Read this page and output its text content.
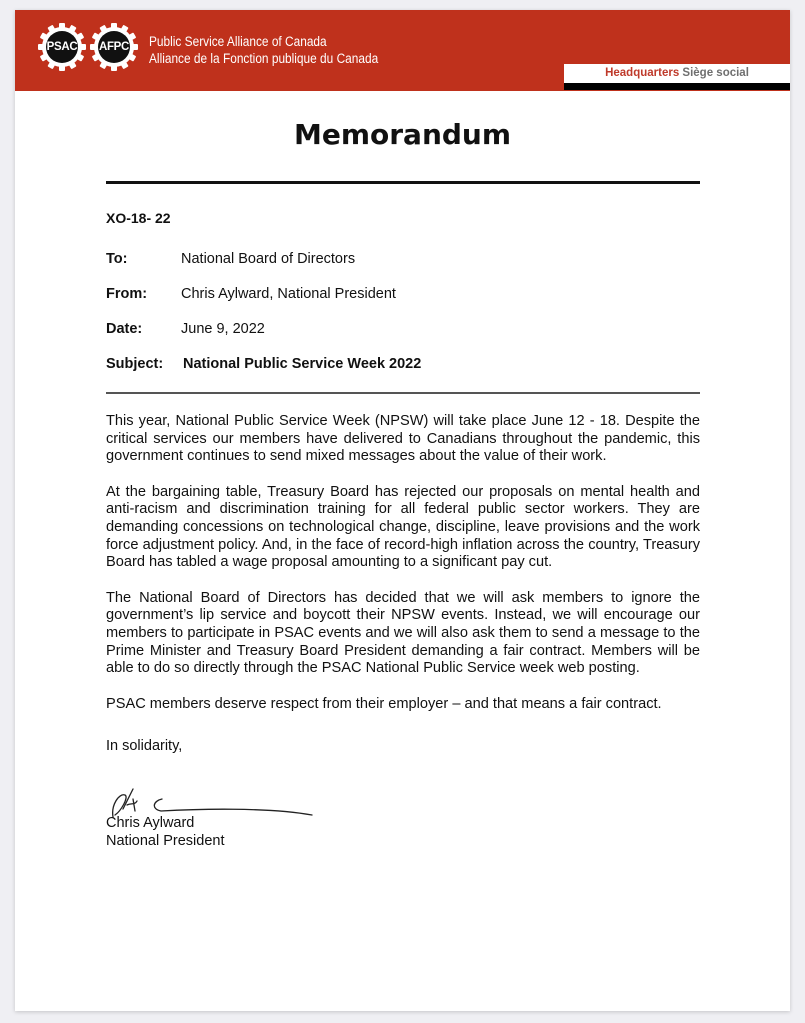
PSAC AFPC Public Service Alliance of Canada
Alliance de la Fonction publique du Canada
Headquarters Siège social
Memorandum
XO-18- 22
To:	National Board of Directors
From: Chris Aylward, National President
Date:	June 9, 2022
Subject: National Public Service Week 2022

This year, National Public Service Week (NPSW) will take place June 12 - 18. Despite the critical services our members have delivered to Canadians throughout the pandemic, this government continues to send mixed messages about the value of their work.

At the bargaining table, Treasury Board has rejected our proposals on mental health and anti-racism and discrimination training for all federal public sector workers. They are demanding concessions on technological change, discipline, leave provisions and the work force adjustment policy. And, in the face of record-high inflation across the country, Treasury Board has tabled a wage proposal amounting to a significant pay cut.

The National Board of Directors has decided that we will ask members to ignore the government’s lip service and boycott their NPSW events. Instead, we will encourage our members to participate in PSAC events and we will also ask them to send a message to the Prime Minister and Treasury Board President demanding a fair contract. Members will be able to do so directly through the PSAC National Public Service week web posting.

PSAC members deserve respect from their employer – and that means a fair contract.

In solidarity,
Chris Aylward
National President
